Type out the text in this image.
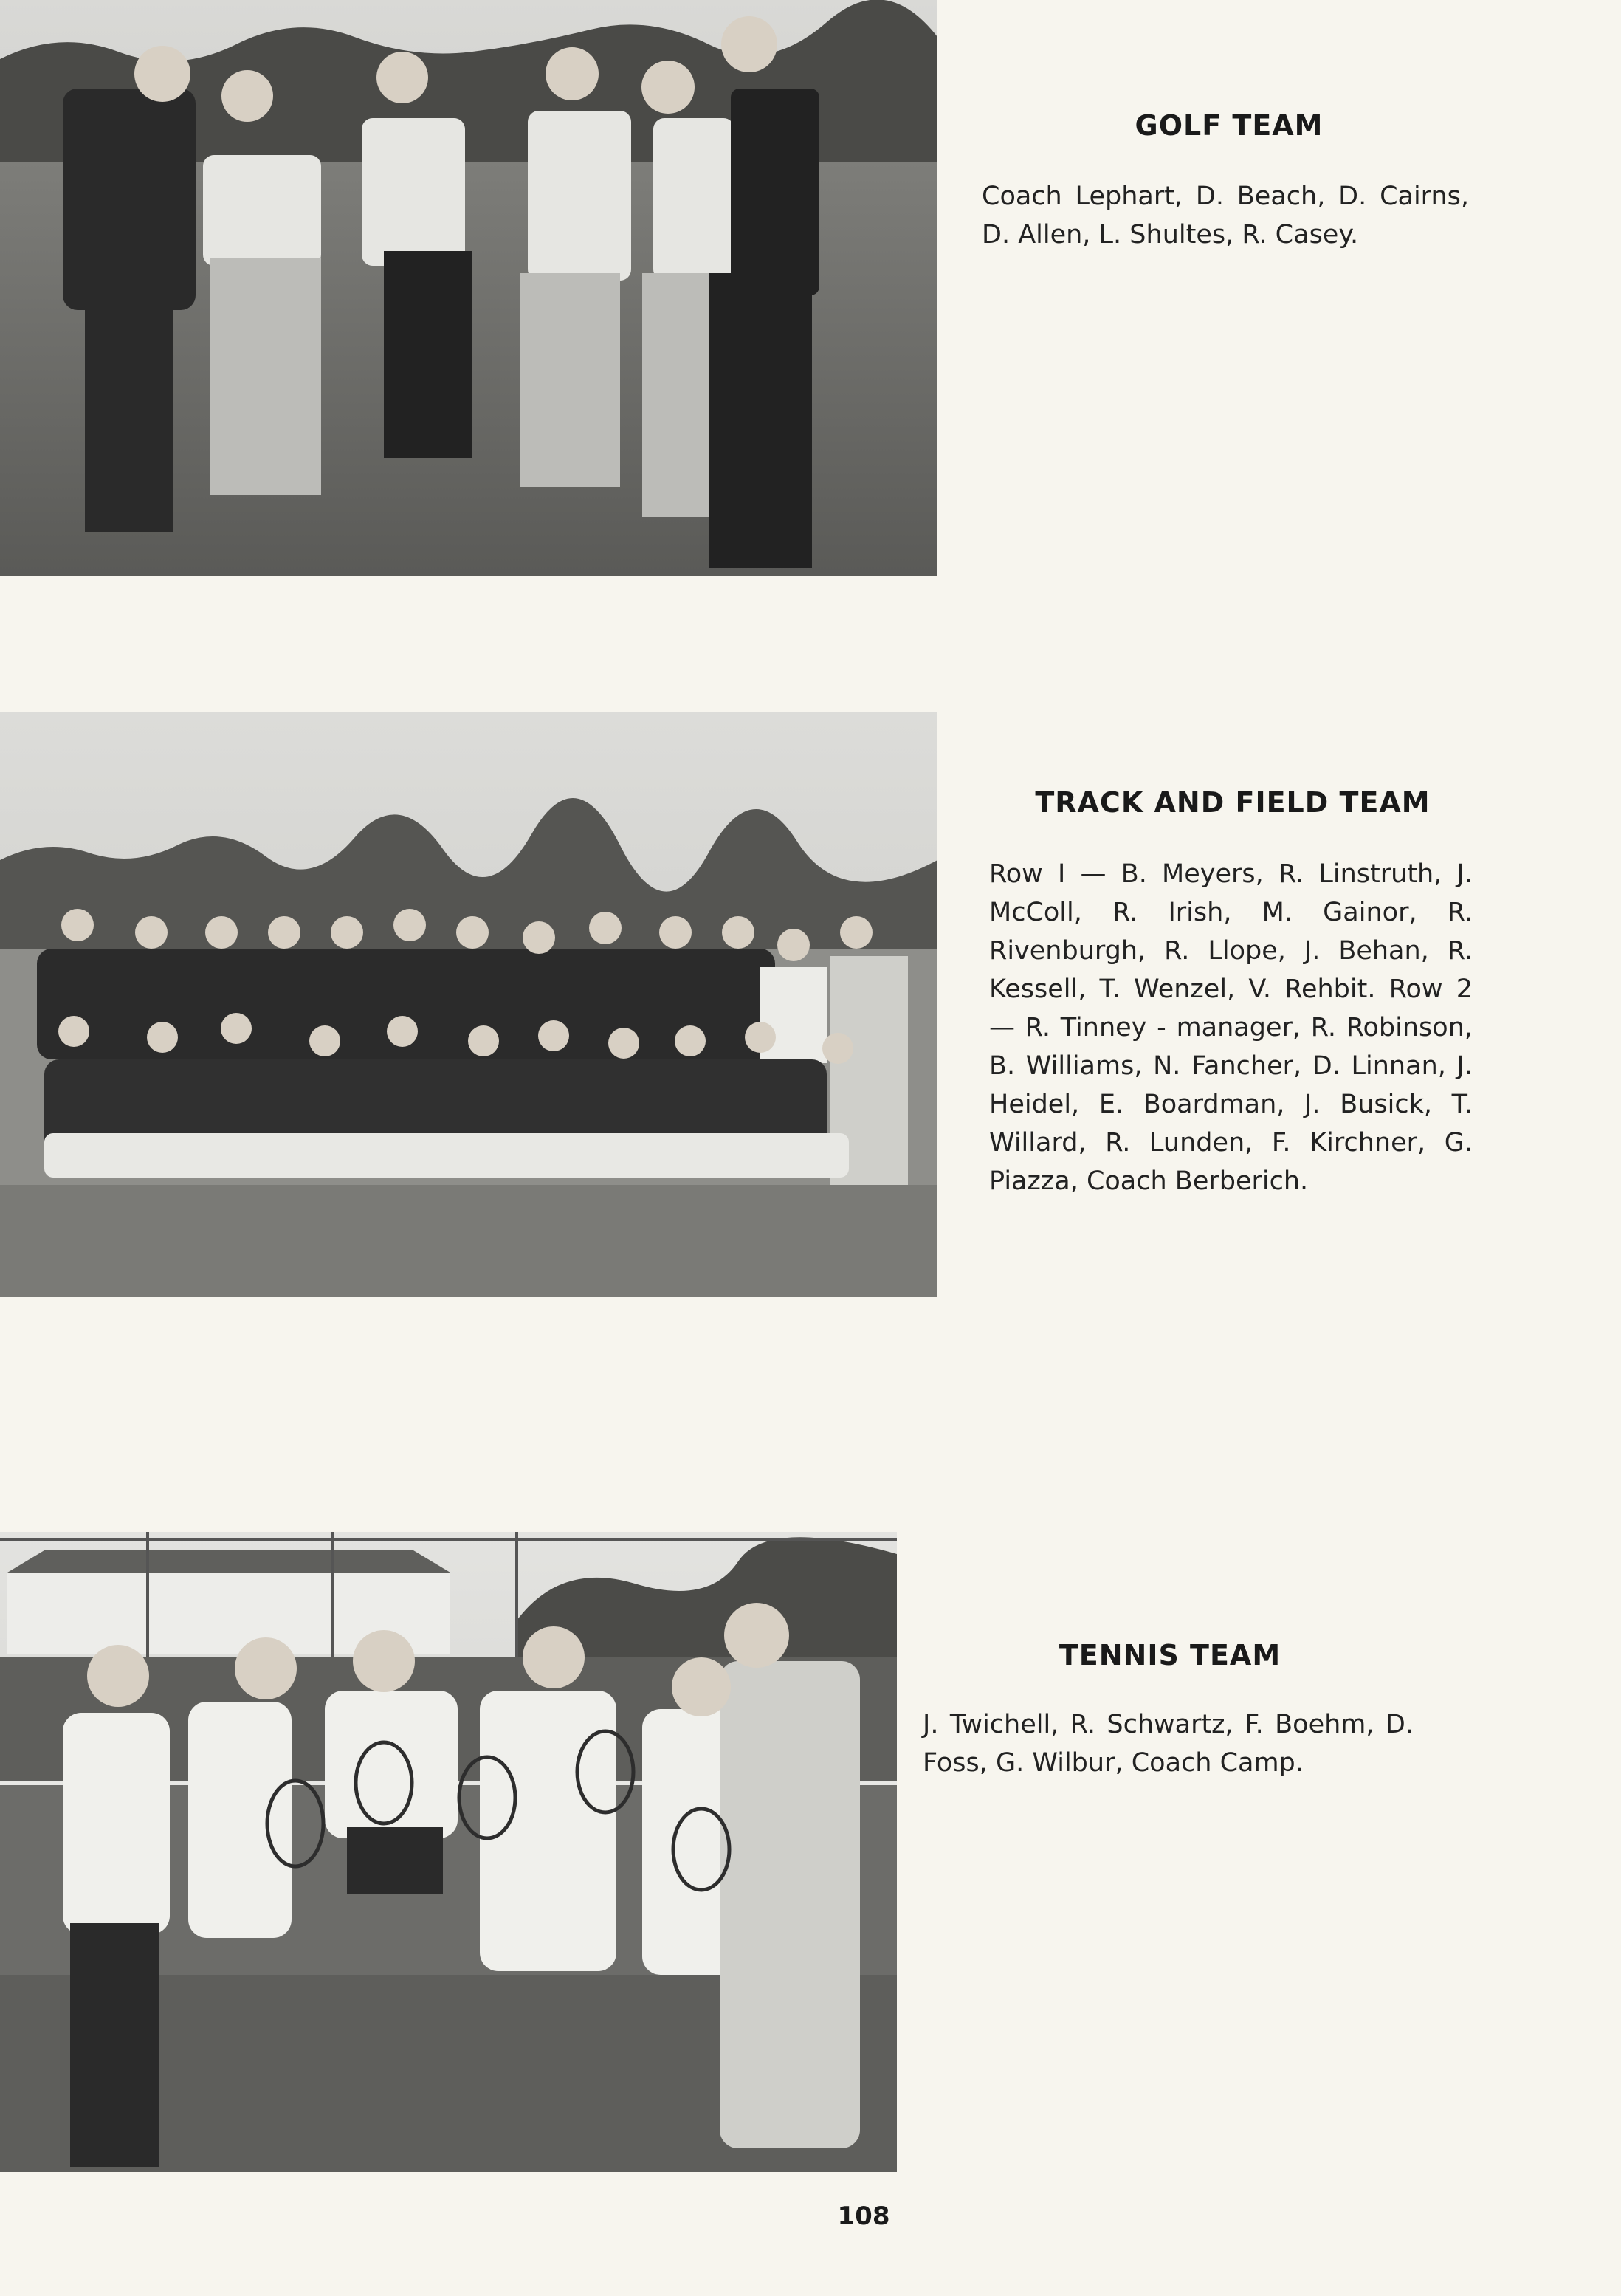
GOLF TEAM
Coach Lephart, D. Beach, D. Cairns, D. Allen, L. Shultes, R. Casey.
TRACK AND FIELD TEAM
Row I — B. Meyers, R. Linstruth, J. McColl, R. Irish, M. Gainor, R. Rivenburgh, R. Llope, J. Behan, R. Kessell, T. Wenzel, V. Rehbit. Row 2 — R. Tinney - manager, R. Robinson, B. Williams, N. Fancher, D. Linnan, J. Heidel, E. Boardman, J. Busick, T. Willard, R. Lunden, F. Kirchner, G. Piazza, Coach Berberich.
TENNIS TEAM
J. Twichell, R. Schwartz, F. Boehm, D. Foss, G. Wilbur, Coach Camp.
108
